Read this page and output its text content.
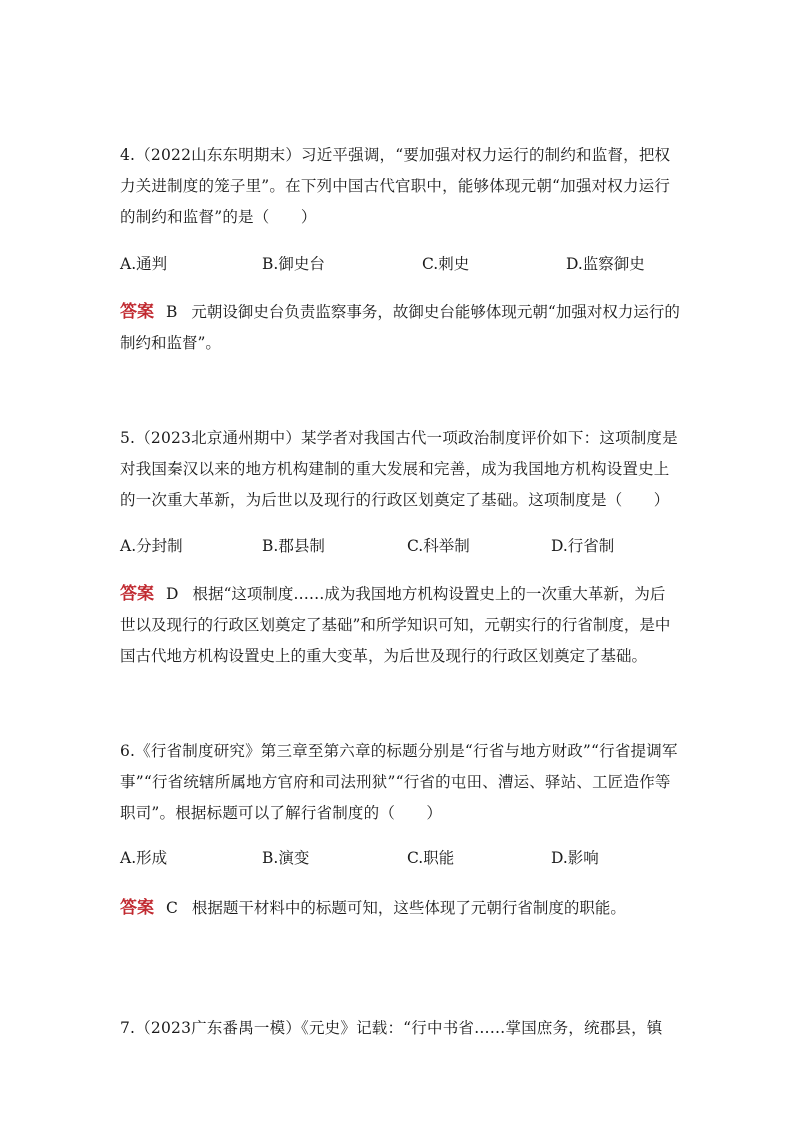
4.（2022山东东明期末）习近平强调，“要加强对权力运行的制约和监督，把权力关进制度的笼子里”。在下列中国古代官职中，能够体现元朝“加强对权力运行的制约和监督”的是（　　）
A.通判	B.御史台	C.刺史	D.监察御史
答案 B 元朝设御史台负责监察事务，故御史台能够体现元朝“加强对权力运行的制约和监督”。
5.（2023北京通州期中）某学者对我国古代一项政治制度评价如下：这项制度是对我国秦汉以来的地方机构建制的重大发展和完善，成为我国地方机构设置史上的一次重大革新，为后世以及现行的行政区划奠定了基础。这项制度是（　　）
A.分封制	B.郡县制	C.科举制	D.行省制
答案 D 根据“这项制度……成为我国地方机构设置史上的一次重大革新，为后世以及现行的行政区划奠定了基础”和所学知识可知，元朝实行的行省制度，是中国古代地方机构设置史上的重大变革，为后世及现行的行政区划奠定了基础。
6.《行省制度研究》第三章至第六章的标题分别是“行省与地方财政”“行省提调军事”“行省统辖所属地方官府和司法刑狱”“行省的屯田、漕运、驿站、工匠造作等职司”。根据标题可以了解行省制度的（　　）
A.形成	B.演变	C.职能	D.影响
答案 C 根据题干材料中的标题可知，这些体现了元朝行省制度的职能。
7.（2023广东番禺一模）《元史》记载：“行中书省……掌国庶务，统郡县，镇
